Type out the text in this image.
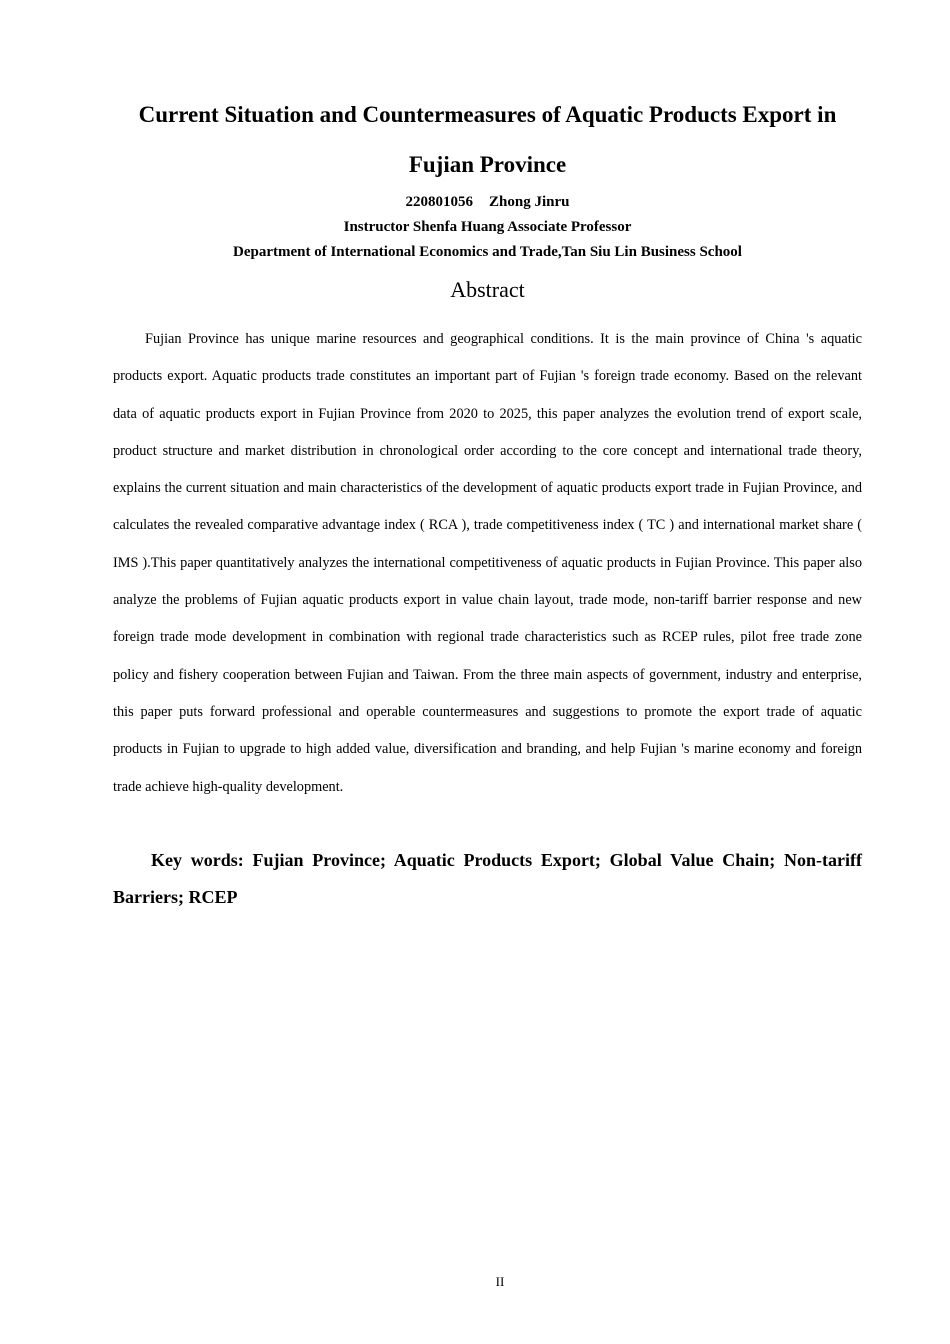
Current Situation and Countermeasures of Aquatic Products Export in
Fujian Province
220801056 Zhong Jinru
Instructor Shenfa Huang Associate Professor
Department of International Economics and Trade,Tan Siu Lin Business School
Abstract

Fujian Province has unique marine resources and geographical conditions. It is the main province of China 's aquatic products export. Aquatic products trade constitutes an important part of Fujian 's foreign trade economy. Based on the relevant data of aquatic products export in Fujian Province from 2020 to 2025, this paper analyzes the evolution trend of export scale, product structure and market distribution in chronological order according to the core concept and international trade theory, explains the current situation and main characteristics of the development of aquatic products export trade in Fujian Province, and calculates the revealed comparative advantage index ( RCA ), trade competitiveness index ( TC ) and international market share ( IMS ).This paper quantitatively analyzes the international competitiveness of aquatic products in Fujian Province. This paper also analyze the problems of Fujian aquatic products export in value chain layout, trade mode, non-tariff barrier response and new foreign trade mode development in combination with regional trade characteristics such as RCEP rules, pilot free trade zone policy and fishery cooperation between Fujian and Taiwan. From the three main aspects of government, industry and enterprise, this paper puts forward professional and operable countermeasures and suggestions to promote the export trade of aquatic products in Fujian to upgrade to high added value, diversification and branding, and help Fujian 's marine economy and foreign trade achieve high-quality development.

Key words: Fujian Province; Aquatic Products Export; Global Value Chain; Non-tariff Barriers; RCEP

II
